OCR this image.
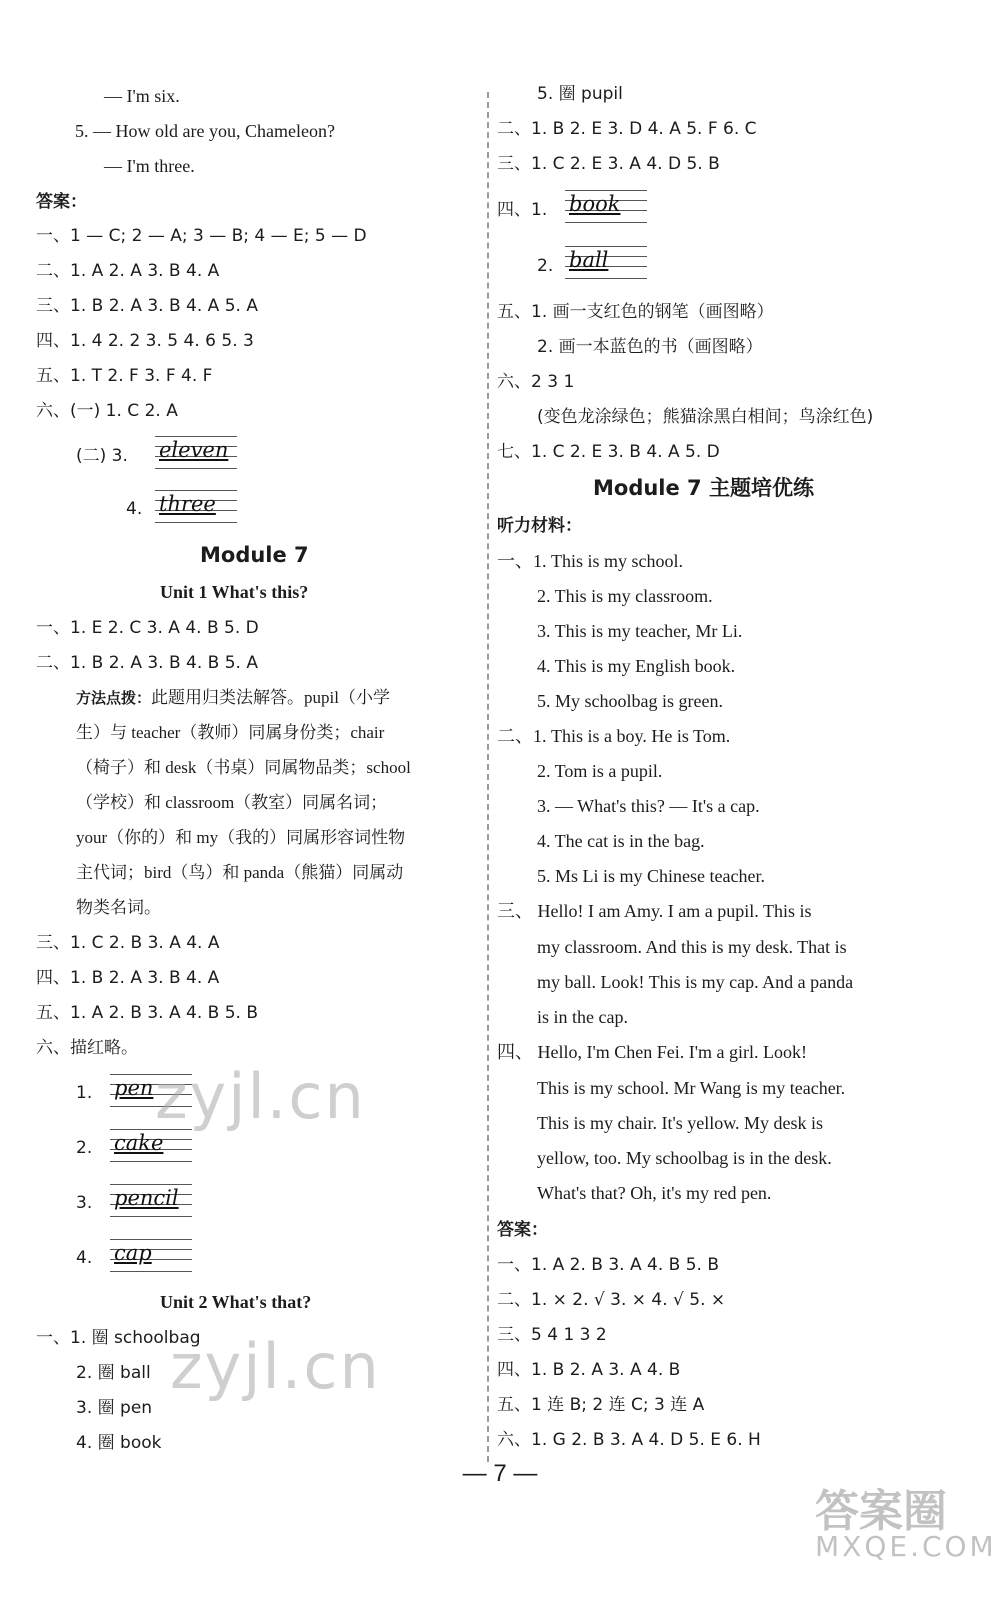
— I'm six.
5. — How old are you, Chameleon?
— I'm three.
答案：
一、1 — C; 2 — A; 3 — B; 4 — E; 5 — D
二、1. A 2. A 3. B 4. A
三、1. B 2. A 3. B 4. A 5. A
四、1. 4 2. 2 3. 5 4. 6 5. 3
五、1. T 2. F 3. F 4. F
六、(一) 1. C 2. A
(二) 3. eleven
4. three
Module 7
Unit 1 What's this?
一、1. E 2. C 3. A 4. B 5. D
二、1. B 2. A 3. B 4. B 5. A
方法点拨：此题用归类法解答。pupil（小学
生）与 teacher（教师）同属身份类；chair
（椅子）和 desk（书桌）同属物品类；school
（学校）和 classroom（教室）同属名词；
your（你的）和 my（我的）同属形容词性物
主代词；bird（鸟）和 panda（熊猫）同属动
物类名词。
三、1. C 2. B 3. A 4. A
四、1. B 2. A 3. B 4. A
五、1. A 2. B 3. A 4. B 5. B
六、描红略。
1. pen
2. cake
3. pencil
4. cap
Unit 2 What's that?
一、1. 圈 schoolbag
2. 圈 ball
3. 圈 pen
4. 圈 book
5. 圈 pupil
二、1. B 2. E 3. D 4. A 5. F 6. C
三、1. C 2. E 3. A 4. D 5. B
四、1. book
2. ball
五、1. 画一支红色的钢笔（画图略）
2. 画一本蓝色的书（画图略）
六、2 3 1
(变色龙涂绿色；熊猫涂黑白相间；鸟涂红色)
七、1. C 2. E 3. B 4. A 5. D
Module 7 主题培优练
听力材料：
一、1. This is my school.
2. This is my classroom.
3. This is my teacher, Mr Li.
4. This is my English book.
5. My schoolbag is green.
二、1. This is a boy. He is Tom.
2. Tom is a pupil.
3. — What's this? — It's a cap.
4. The cat is in the bag.
5. Ms Li is my Chinese teacher.
三、 Hello! I am Amy. I am a pupil. This is
my classroom. And this is my desk. That is
my ball. Look! This is my cap. And a panda
is in the cap.
四、 Hello, I'm Chen Fei. I'm a girl. Look!
This is my school. Mr Wang is my teacher.
This is my chair. It's yellow. My desk is
yellow, too. My schoolbag is in the desk.
What's that? Oh, it's my red pen.
答案：
一、1. A 2. B 3. A 4. B 5. B
二、1. × 2. √ 3. × 4. √ 5. ×
三、5 4 1 3 2
四、1. B 2. A 3. A 4. B
五、1 连 B; 2 连 C; 3 连 A
六、1. G 2. B 3. A 4. D 5. E 6. H
— 7 —
zyjl.cn
zyjl.cn
答案圈
MXQE.COM
